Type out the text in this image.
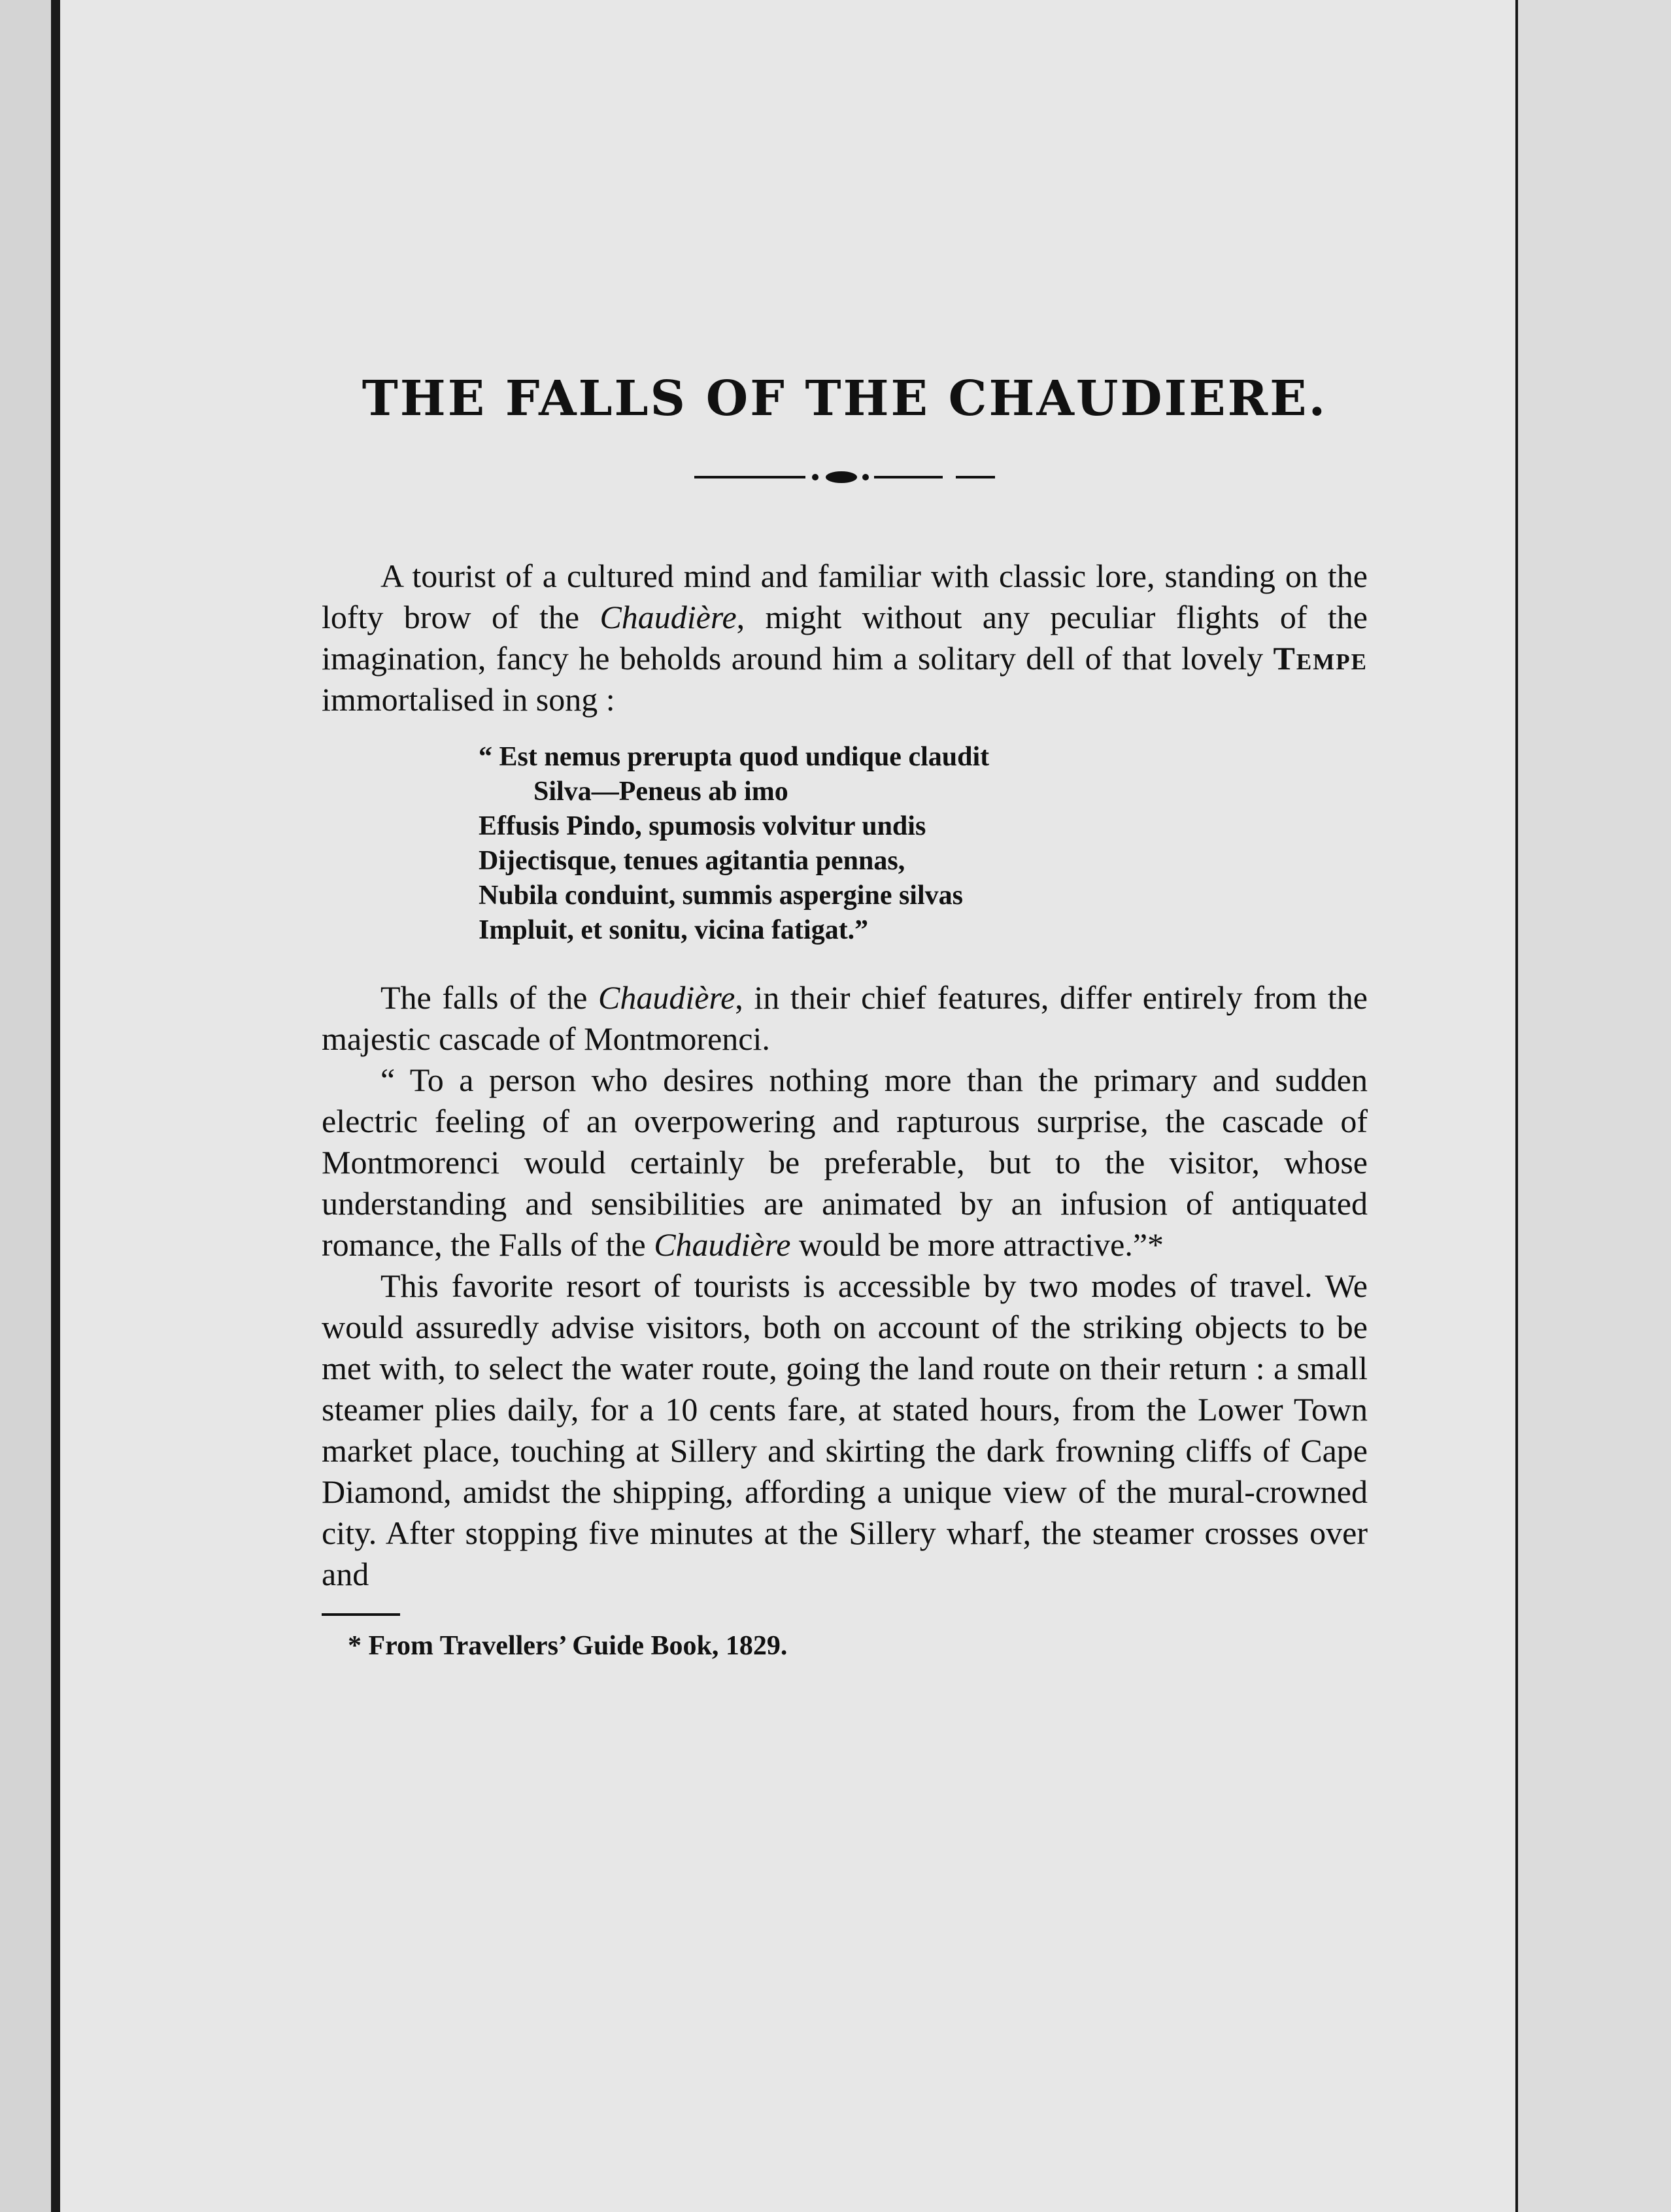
THE FALLS OF THE CHAUDIERE.

A tourist of a cultured mind and familiar with classic lore, standing on the lofty brow of the Chaudière, might without any peculiar flights of the imagination, fancy he beholds around him a solitary dell of that lovely Tempe immortalised in song :

“ Est nemus prerupta quod undique claudit
Silva—Peneus ab imo
Effusis Pindo, spumosis volvitur undis
Dijectisque, tenues agitantia pennas,
Nubila conduint, summis aspergine silvas
Impluit, et sonitu, vicina fatigat.”

The falls of the Chaudière, in their chief features, differ entirely from the majestic cascade of Montmorenci.

“ To a person who desires nothing more than the primary and sudden electric feeling of an overpowering and rapturous surprise, the cascade of Montmorenci would certainly be preferable, but to the visitor, whose understanding and sensibilities are animated by an infusion of antiquated romance, the Falls of the Chaudière would be more attractive.”*

This favorite resort of tourists is accessible by two modes of travel. We would assuredly advise visitors, both on account of the striking objects to be met with, to select the water route, going the land route on their return : a small steamer plies daily, for a 10 cents fare, at stated hours, from the Lower Town market place, touching at Sillery and skirting the dark frowning cliffs of Cape Diamond, amidst the shipping, affording a unique view of the mural-crowned city. After stopping five minutes at the Sillery wharf, the steamer crosses over and

* From Travellers’ Guide Book, 1829.
